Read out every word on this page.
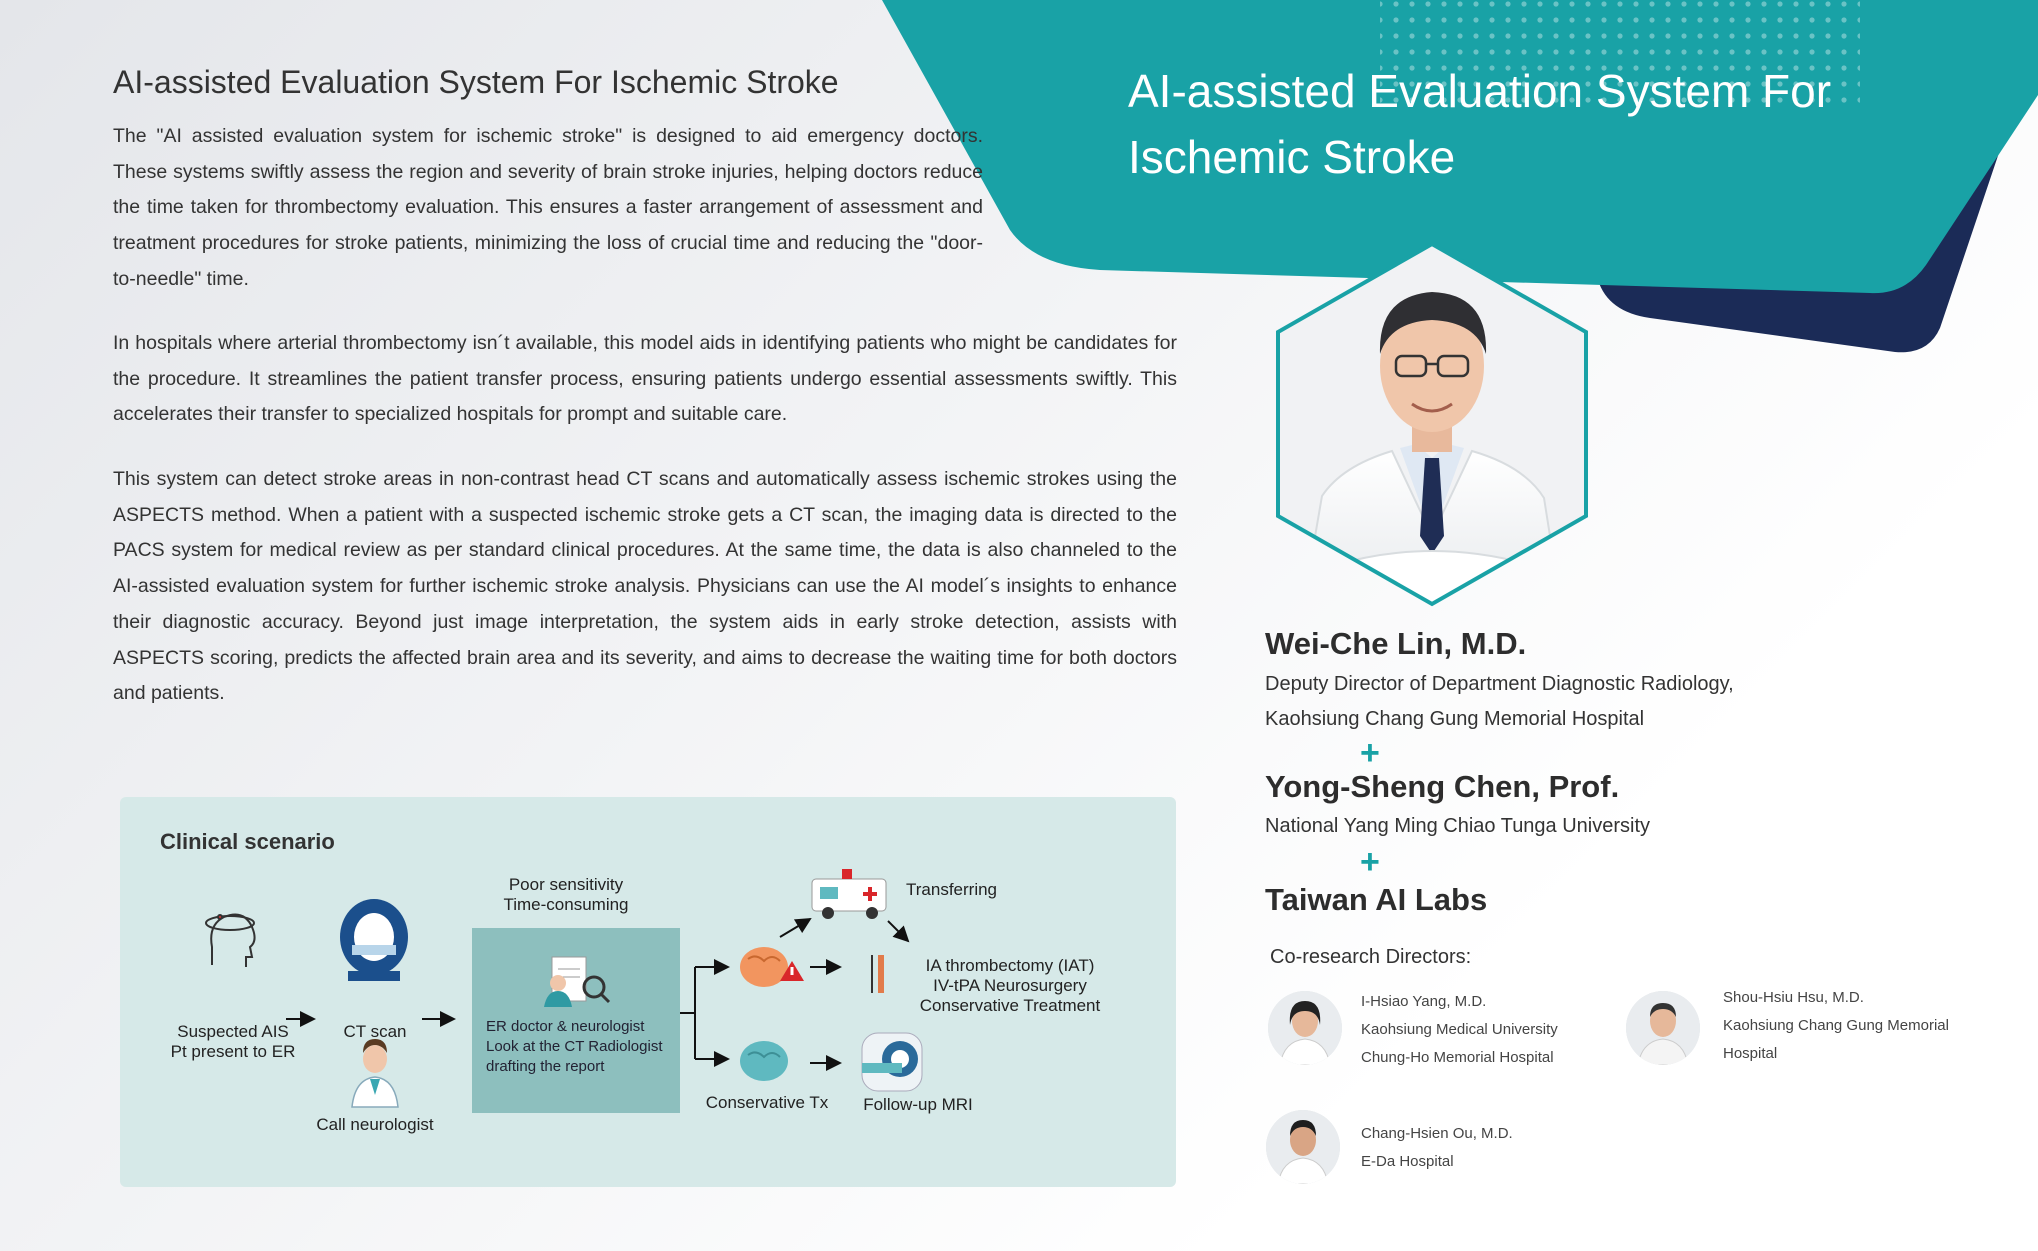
AI-assisted Evaluation System For Ischemic Stroke

The "AI assisted evaluation system for ischemic stroke" is designed to aid emergency doctors. These systems swiftly assess the region and severity of brain stroke injuries, helping doctors reduce the time taken for thrombectomy evaluation. This ensures a faster arrangement of assessment and treatment procedures for stroke patients, minimizing the loss of crucial time and reducing the "door-to-needle" time.

In hospitals where arterial thrombectomy isn´t available, this model aids in identifying patients who might be candidates for the procedure. It streamlines the patient transfer process, ensuring patients undergo essential assessments swiftly. This accelerates their transfer to specialized hospitals for prompt and suitable care.

This system can detect stroke areas in non-contrast head CT scans and automatically assess ischemic strokes using the ASPECTS method. When a patient with a suspected ischemic stroke gets a CT scan, the imaging data is directed to the PACS system for medical review as per standard clinical procedures. At the same time, the data is also channeled to the AI-assisted evaluation system for further ischemic stroke analysis. Physicians can use the AI model´s insights to enhance their diagnostic accuracy. Beyond just image interpretation, the system aids in early stroke detection, assists with ASPECTS scoring, predicts the affected brain area and its severity, and aims to decrease the waiting time for both doctors and patients.

AI-assisted Evaluation System For Ischemic Stroke
Wei-Che Lin, M.D.

Deputy Director of Department Diagnostic Radiology,

Kaohsiung Chang Gung Memorial Hospital

+
Yong-Sheng Chen, Prof.

National Yang Ming Chiao Tunga University

+
Taiwan AI Labs

Co-research Directors:

I-Hsiao Yang, M.D.
Kaohsiung Medical University
Chung-Ho Memorial Hospital
Shou-Hsiu Hsu, M.D.
Kaohsiung Chang Gung Memorial
Hospital
Chang-Hsien Ou, M.D.
E-Da Hospital
Clinical scenario
Suspected AIS
Pt present to ER
CT scan
Call neurologist
Poor sensitivity
Time-consuming
ER doctor & neurologist Look at the CT Radiologist drafting the report
Transferring
IA thrombectomy (IAT)
IV-tPA Neurosurgery
Conservative Treatment
Conservative Tx	Follow-up MRI
